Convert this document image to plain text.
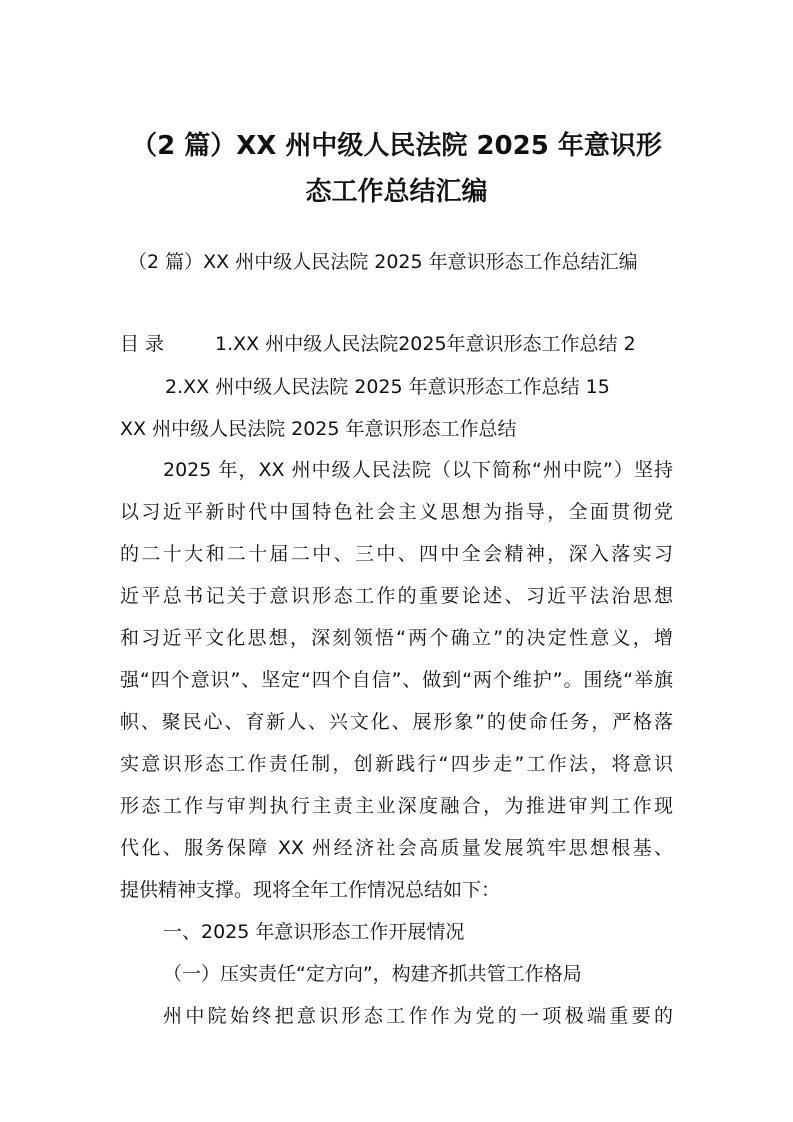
（2 篇）XX 州中级人民法院 2025 年意识形
态工作总结汇编
（2 篇）XX 州中级人民法院 2025 年意识形态工作总结汇编
目 录	1.XX 州中级人民法院2025年意识形态工作总结 2
2.XX 州中级人民法院 2025 年意识形态工作总结 15
XX 州中级人民法院 2025 年意识形态工作总结
2025 年，XX 州中级人民法院（以下简称“州中院”）坚持
以习近平新时代中国特色社会主义思想为指导，全面贯彻党
的二十大和二十届二中、三中、四中全会精神，深入落实习
近平总书记关于意识形态工作的重要论述、习近平法治思想
和习近平文化思想，深刻领悟“两个确立”的决定性意义，增
强“四个意识”、坚定“四个自信”、做到“两个维护”。围绕“举旗
帜、聚民心、育新人、兴文化、展形象”的使命任务，严格落
实意识形态工作责任制，创新践行“四步走”工作法，将意识
形态工作与审判执行主责主业深度融合，为推进审判工作现
代化、服务保障 XX 州经济社会高质量发展筑牢思想根基、
提供精神支撑。现将全年工作情况总结如下：
一、2025 年意识形态工作开展情况
（一）压实责任“定方向”，构建齐抓共管工作格局
州中院始终把意识形态工作作为党的一项极端重要的
